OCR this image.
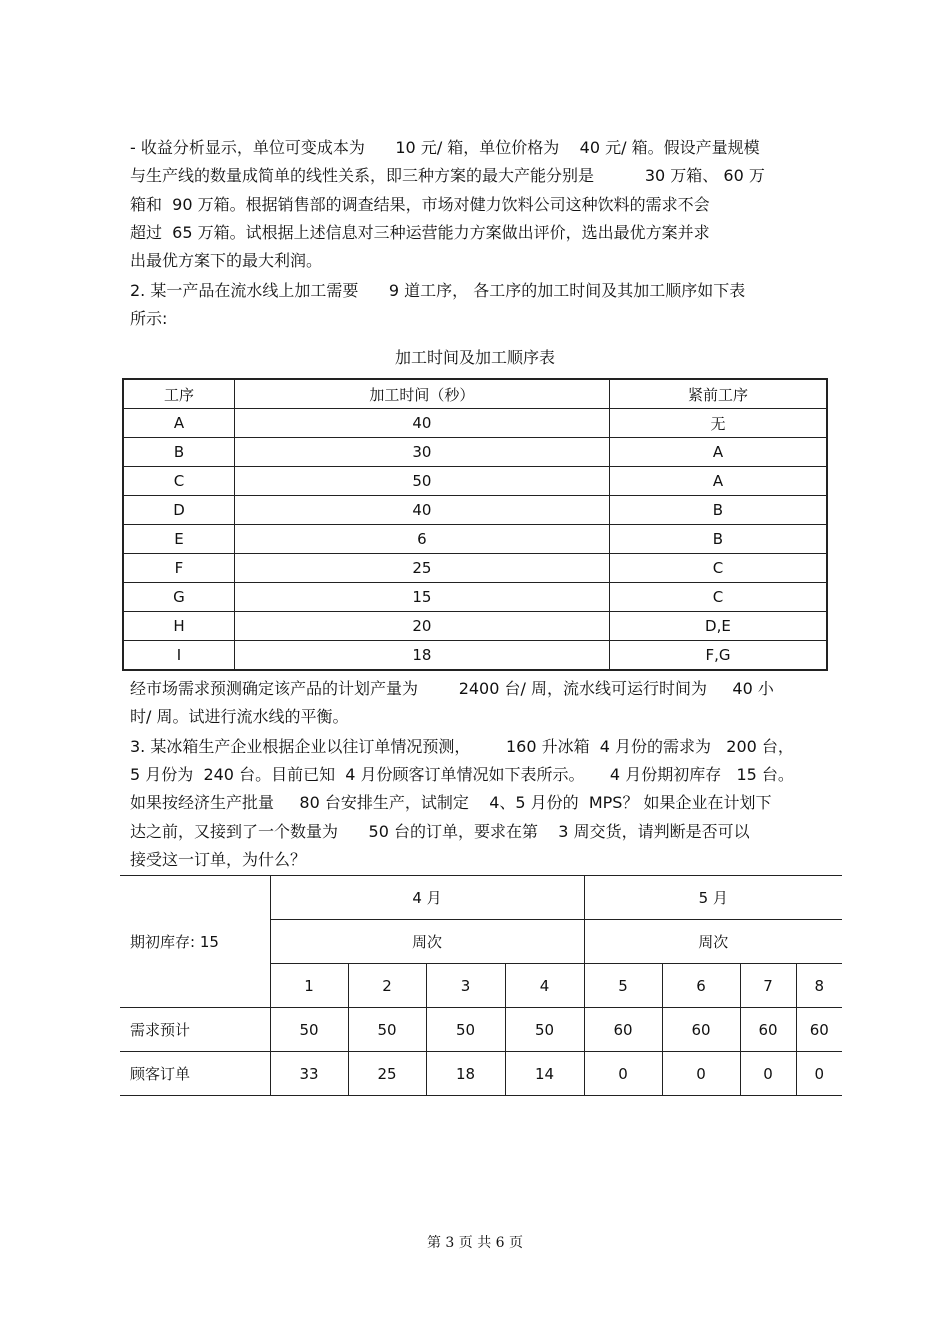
- 收益分析显示，单位可变成本为      10 元/ 箱，单位价格为    40 元/ 箱。假设产量规模
与生产线的数量成简单的线性关系，即三种方案的最大产能分别是          30 万箱、 60 万
箱和  90 万箱。根据销售部的调查结果，市场对健力饮料公司这种饮料的需求不会
超过  65 万箱。试根据上述信息对三种运营能力方案做出评价，选出最优方案并求
出最优方案下的最大利润。
2. 某一产品在流水线上加工需要      9 道工序， 各工序的加工时间及其加工顺序如下表
所示:
加工时间及加工顺序表
工序	加工时间（秒）	紧前工序
A	40	无
B	30	A
C	50	A
D	40	B
E	6	B
F	25	C
G	15	C
H	20	D,E
I	18	F,G
经市场需求预测确定该产品的计划产量为        2400 台/ 周，流水线可运行时间为     40 小
时/ 周。试进行流水线的平衡。
3. 某冰箱生产企业根据企业以往订单情况预测，       160 升冰箱  4 月份的需求为   200 台，
5 月份为  240 台。目前已知  4 月份顾客订单情况如下表所示。     4 月份期初库存   15 台。
如果按经济生产批量     80 台安排生产，试制定    4、5 月份的  MPS？ 如果企业在计划下
达之前，又接到了一个数量为      50 台的订单，要求在第    3 周交货，请判断是否可以
接受这一订单，为什么？
期初库存: 15	4 月				5 月			
	周次				周次			
	1	2	3	4	5	6	7	8
需求预计	50	50	50	50	60	60	60	60
顾客订单	33	25	18	14	0	0	0	0
第 3 页 共 6 页
